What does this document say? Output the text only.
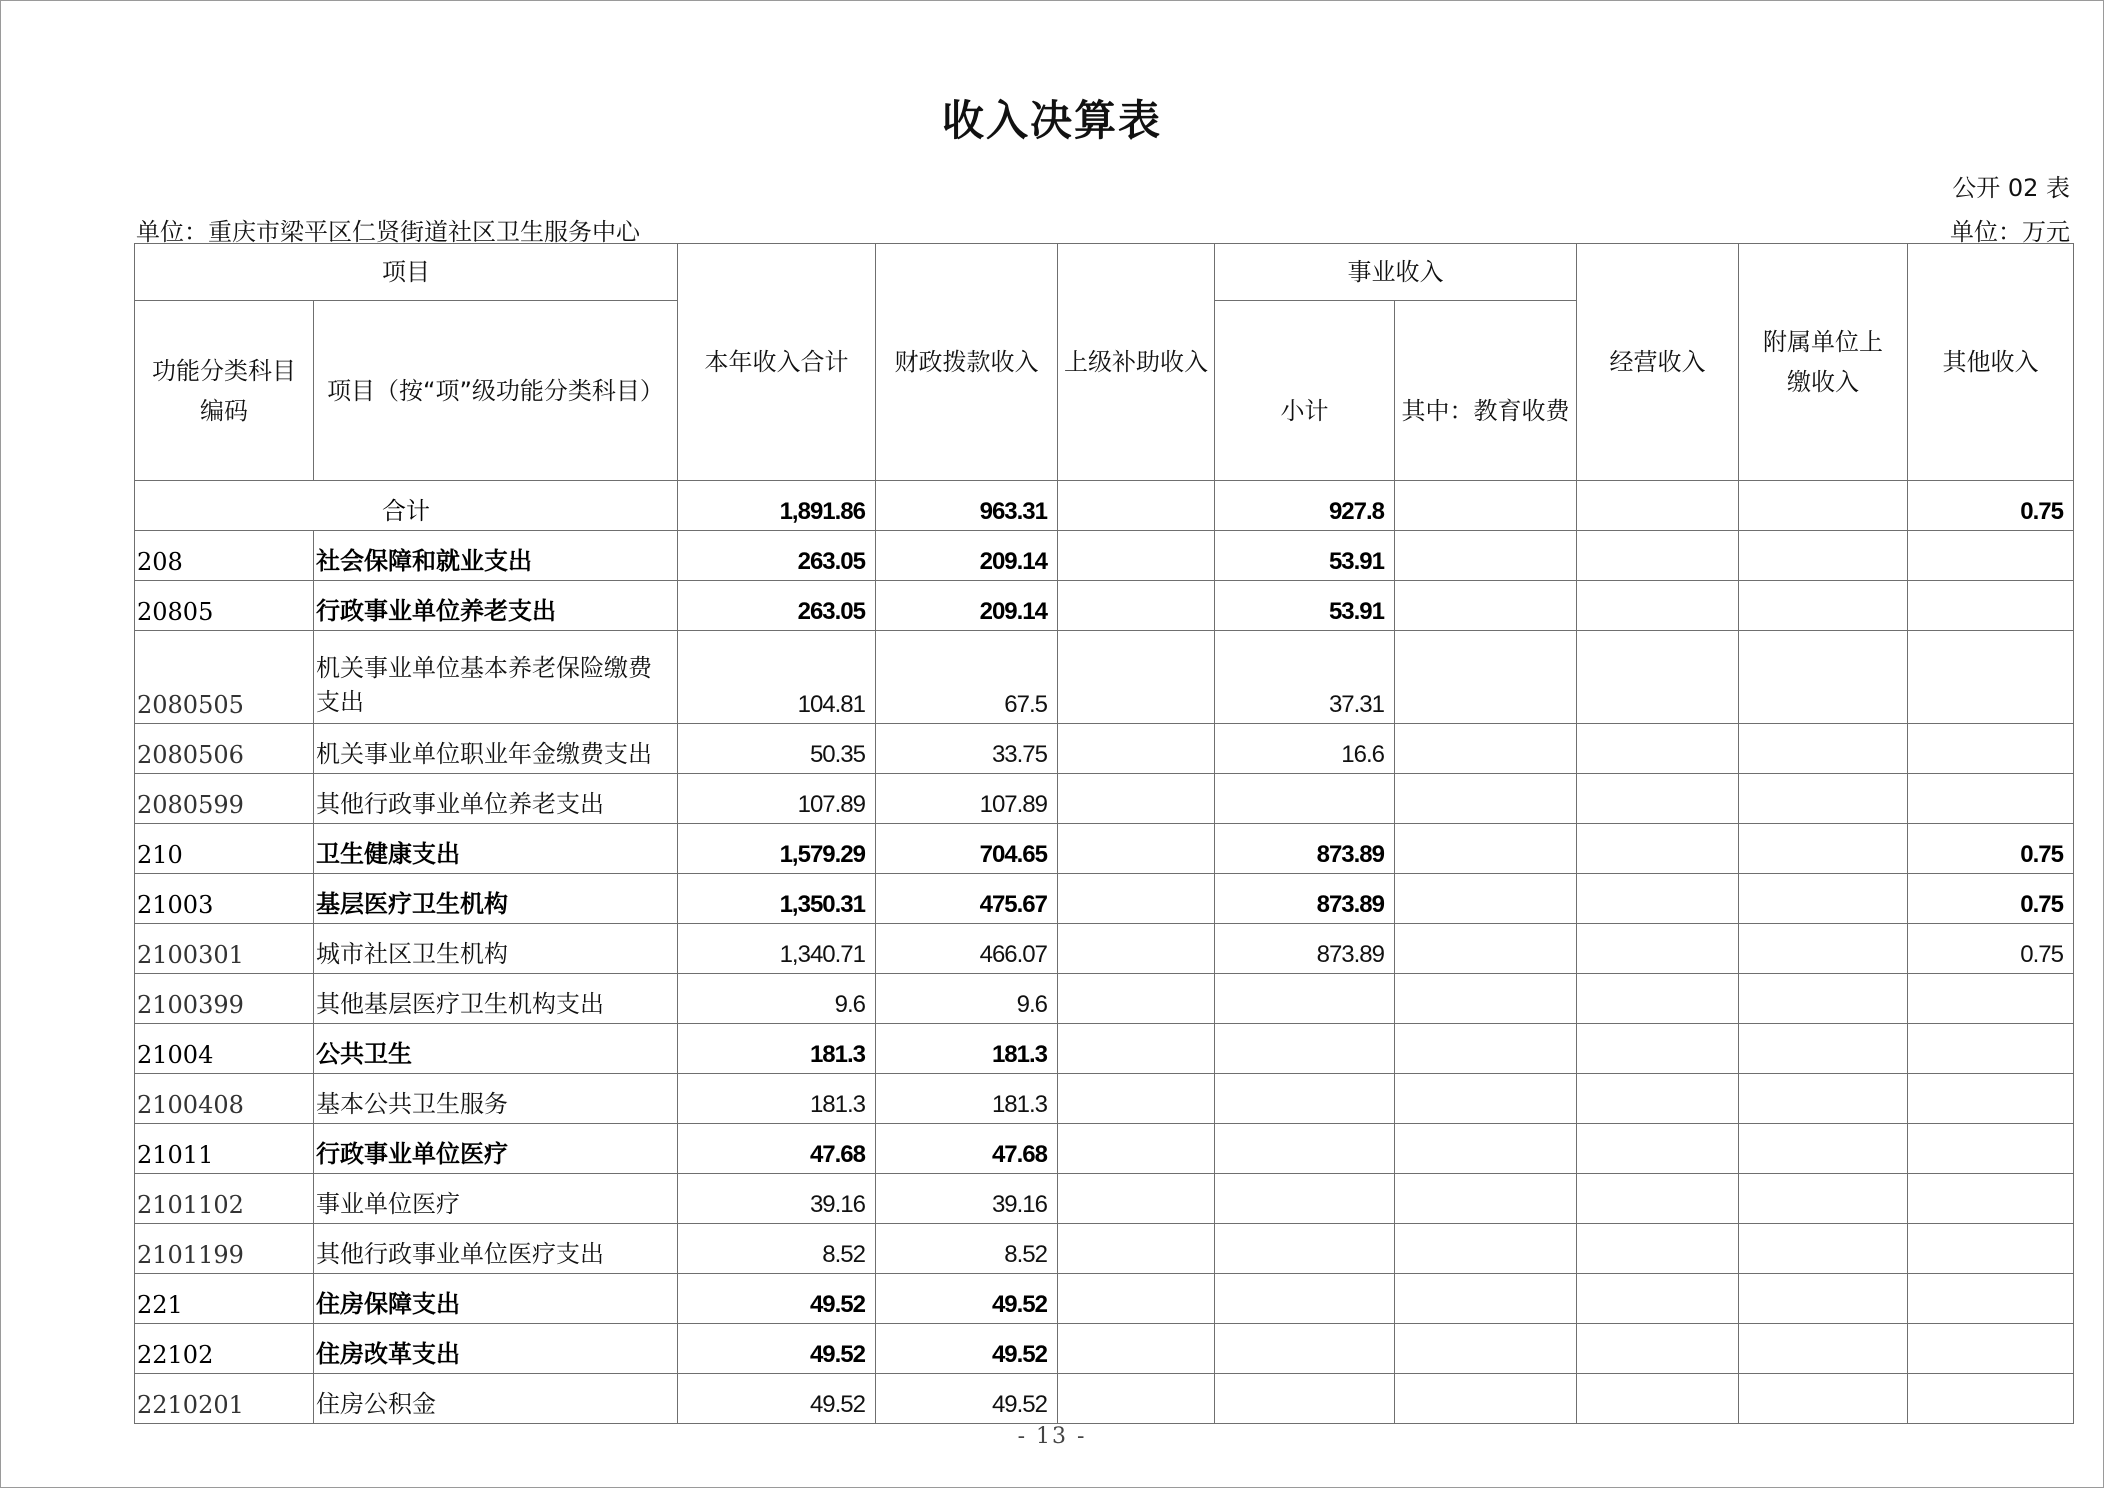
收入决算表
公开 02 表
单位：重庆市梁平区仁贤街道社区卫生服务中心	单位：万元
项目		本年收入合计	财政拨款收入	上级补助收入	事业收入		经营收入	附属单位上缴收入	其他收入
功能分类科目编码	项目（按“项”级功能分类科目）				小计	其中：教育收费			
合计		1,891.86	963.31		927.8				0.75
208	社会保障和就业支出	263.05	209.14		53.91				
20805	行政事业单位养老支出	263.05	209.14		53.91				
2080505	机关事业单位基本养老保险缴费支出	104.81	67.5		37.31				
2080506	机关事业单位职业年金缴费支出	50.35	33.75		16.6				
2080599	其他行政事业单位养老支出	107.89	107.89						
210	卫生健康支出	1,579.29	704.65		873.89				0.75
21003	基层医疗卫生机构	1,350.31	475.67		873.89				0.75
2100301	城市社区卫生机构	1,340.71	466.07		873.89				0.75
2100399	其他基层医疗卫生机构支出	9.6	9.6						
21004	公共卫生	181.3	181.3						
2100408	基本公共卫生服务	181.3	181.3						
21011	行政事业单位医疗	47.68	47.68						
2101102	事业单位医疗	39.16	39.16						
2101199	其他行政事业单位医疗支出	8.52	8.52						
221	住房保障支出	49.52	49.52						
22102	住房改革支出	49.52	49.52						
2210201	住房公积金	49.52	49.52						
- 13 -
